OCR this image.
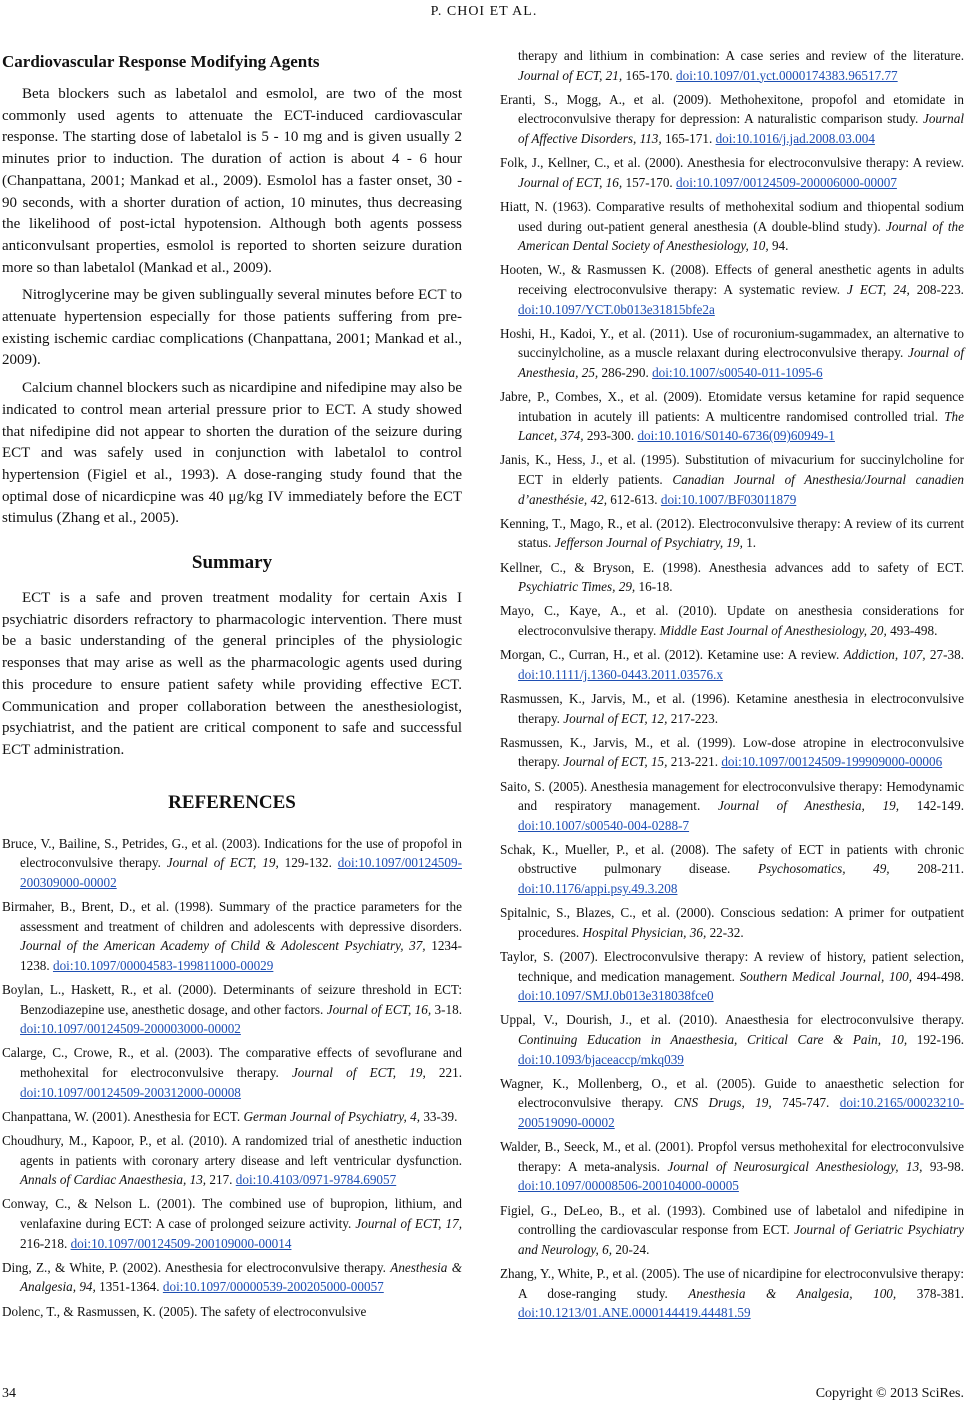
P. CHOI ET AL.
Cardiovascular Response Modifying Agents

Beta blockers such as labetalol and esmolol, are two of the most commonly used agents to attenuate the ECT-induced cardiovascular response. The starting dose of labetalol is 5 - 10 mg and is given usually 2 minutes prior to induction. The duration of action is about 4 - 6 hour (Chanpattana, 2001; Mankad et al., 2009). Esmolol has a faster onset, 30 - 90 seconds, with a shorter duration of action, 10 minutes, thus decreasing the likelihood of post-ictal hypotension. Although both agents possess anticonvulsant properties, esmolol is reported to shorten seizure duration more so than labetalol (Mankad et al., 2009).

Nitroglycerine may be given sublingually several minutes before ECT to attenuate hypertension especially for those patients suffering from pre-existing ischemic cardiac complications (Chanpattana, 2001; Mankad et al., 2009).

Calcium channel blockers such as nicardipine and nifedipine may also be indicated to control mean arterial pressure prior to ECT. A study showed that nifedipine did not appear to shorten the duration of the seizure during ECT and was safely used in conjunction with labetalol to control hypertension (Figiel et al., 1993). A dose-ranging study found that the optimal dose of nicardicpine was 40 μg/kg IV immediately before the ECT stimulus (Zhang et al., 2005).

Summary

ECT is a safe and proven treatment modality for certain Axis I psychiatric disorders refractory to pharmacologic intervention. There must be a basic understanding of the general principles of the physiologic responses that may arise as well as the pharmacologic agents used during this procedure to ensure patient safety while providing effective ECT. Communication and proper collaboration between the anesthesiologist, psychiatrist, and the patient are critical component to safe and successful ECT administration.

REFERENCES

Bruce, V., Bailine, S., Petrides, G., et al. (2003). Indications for the use of propofol in electroconvulsive therapy. Journal of ECT, 19, 129-132. doi:10.1097/00124509-200309000-00002

Birmaher, B., Brent, D., et al. (1998). Summary of the practice parameters for the assessment and treatment of children and adolescents with depressive disorders. Journal of the American Academy of Child & Adolescent Psychiatry, 37, 1234-1238. doi:10.1097/00004583-199811000-00029

Boylan, L., Haskett, R., et al. (2000). Determinants of seizure threshold in ECT: Benzodiazepine use, anesthetic dosage, and other factors. Journal of ECT, 16, 3-18. doi:10.1097/00124509-200003000-00002

Calarge, C., Crowe, R., et al. (2003). The comparative effects of sevoflurane and methohexital for electroconvulsive therapy. Journal of ECT, 19, 221. doi:10.1097/00124509-200312000-00008

Chanpattana, W. (2001). Anesthesia for ECT. German Journal of Psychiatry, 4, 33-39.

Choudhury, M., Kapoor, P., et al. (2010). A randomized trial of anesthetic induction agents in patients with coronary artery disease and left ventricular dysfunction. Annals of Cardiac Anaesthesia, 13, 217. doi:10.4103/0971-9784.69057

Conway, C., & Nelson L. (2001). The combined use of bupropion, lithium, and venlafaxine during ECT: A case of prolonged seizure activity. Journal of ECT, 17, 216-218. doi:10.1097/00124509-200109000-00014

Ding, Z., & White, P. (2002). Anesthesia for electroconvulsive therapy. Anesthesia & Analgesia, 94, 1351-1364. doi:10.1097/00000539-200205000-00057

Dolenc, T., & Rasmussen, K. (2005). The safety of electroconvulsive

therapy and lithium in combination: A case series and review of the literature. Journal of ECT, 21, 165-170. doi:10.1097/01.yct.0000174383.96517.77

Eranti, S., Mogg, A., et al. (2009). Methohexitone, propofol and etomidate in electroconvulsive therapy for depression: A naturalistic comparison study. Journal of Affective Disorders, 113, 165-171. doi:10.1016/j.jad.2008.03.004

Folk, J., Kellner, C., et al. (2000). Anesthesia for electroconvulsive therapy: A review. Journal of ECT, 16, 157-170. doi:10.1097/00124509-200006000-00007

Hiatt, N. (1963). Comparative results of methohexital sodium and thiopental sodium used during out-patient general anesthesia (A double-blind study). Journal of the American Dental Society of Anesthesiology, 10, 94.

Hooten, W., & Rasmussen K. (2008). Effects of general anesthetic agents in adults receiving electroconvulsive therapy: A systematic review. J ECT, 24, 208-223. doi:10.1097/YCT.0b013e31815bfe2a

Hoshi, H., Kadoi, Y., et al. (2011). Use of rocuronium-sugammadex, an alternative to succinylcholine, as a muscle relaxant during electroconvulsive therapy. Journal of Anesthesia, 25, 286-290. doi:10.1007/s00540-011-1095-6

Jabre, P., Combes, X., et al. (2009). Etomidate versus ketamine for rapid sequence intubation in acutely ill patients: A multicentre randomised controlled trial. The Lancet, 374, 293-300. doi:10.1016/S0140-6736(09)60949-1

Janis, K., Hess, J., et al. (1995). Substitution of mivacurium for succinylcholine for ECT in elderly patients. Canadian Journal of Anesthesia/Journal canadien d’anesthésie, 42, 612-613. doi:10.1007/BF03011879

Kenning, T., Mago, R., et al. (2012). Electroconvulsive therapy: A review of its current status. Jefferson Journal of Psychiatry, 19, 1.

Kellner, C., & Bryson, E. (1998). Anesthesia advances add to safety of ECT. Psychiatric Times, 29, 16-18.

Mayo, C., Kaye, A., et al. (2010). Update on anesthesia considerations for electroconvulsive therapy. Middle East Journal of Anesthesiology, 20, 493-498.

Morgan, C., Curran, H., et al. (2012). Ketamine use: A review. Addiction, 107, 27-38. doi:10.1111/j.1360-0443.2011.03576.x

Rasmussen, K., Jarvis, M., et al. (1996). Ketamine anesthesia in electroconvulsive therapy. Journal of ECT, 12, 217-223.

Rasmussen, K., Jarvis, M., et al. (1999). Low-dose atropine in electroconvulsive therapy. Journal of ECT, 15, 213-221. doi:10.1097/00124509-199909000-00006

Saito, S. (2005). Anesthesia management for electroconvulsive therapy: Hemodynamic and respiratory management. Journal of Anesthesia, 19, 142-149. doi:10.1007/s00540-004-0288-7

Schak, K., Mueller, P., et al. (2008). The safety of ECT in patients with chronic obstructive pulmonary disease. Psychosomatics, 49, 208-211. doi:10.1176/appi.psy.49.3.208

Spitalnic, S., Blazes, C., et al. (2000). Conscious sedation: A primer for outpatient procedures. Hospital Physician, 36, 22-32.

Taylor, S. (2007). Electroconvulsive therapy: A review of history, patient selection, technique, and medication management. Southern Medical Journal, 100, 494-498. doi:10.1097/SMJ.0b013e318038fce0

Uppal, V., Dourish, J., et al. (2010). Anaesthesia for electroconvulsive therapy. Continuing Education in Anaesthesia, Critical Care & Pain, 10, 192-196. doi:10.1093/bjaceaccp/mkq039

Wagner, K., Mollenberg, O., et al. (2005). Guide to anaesthetic selection for electroconvulsive therapy. CNS Drugs, 19, 745-747. doi:10.2165/00023210-200519090-00002

Walder, B., Seeck, M., et al. (2001). Propfol versus methohexital for electroconvulsive therapy: A meta-analysis. Journal of Neurosurgical Anesthesiology, 13, 93-98. doi:10.1097/00008506-200104000-00005

Figiel, G., DeLeo, B., et al. (1993). Combined use of labetalol and nifedipine in controlling the cardiovascular response from ECT. Journal of Geriatric Psychiatry and Neurology, 6, 20-24.

Zhang, Y., White, P., et al. (2005). The use of nicardipine for electroconvulsive therapy: A dose-ranging study. Anesthesia & Analgesia, 100, 378-381. doi:10.1213/01.ANE.0000144419.44481.59

34	Copyright © 2013 SciRes.
